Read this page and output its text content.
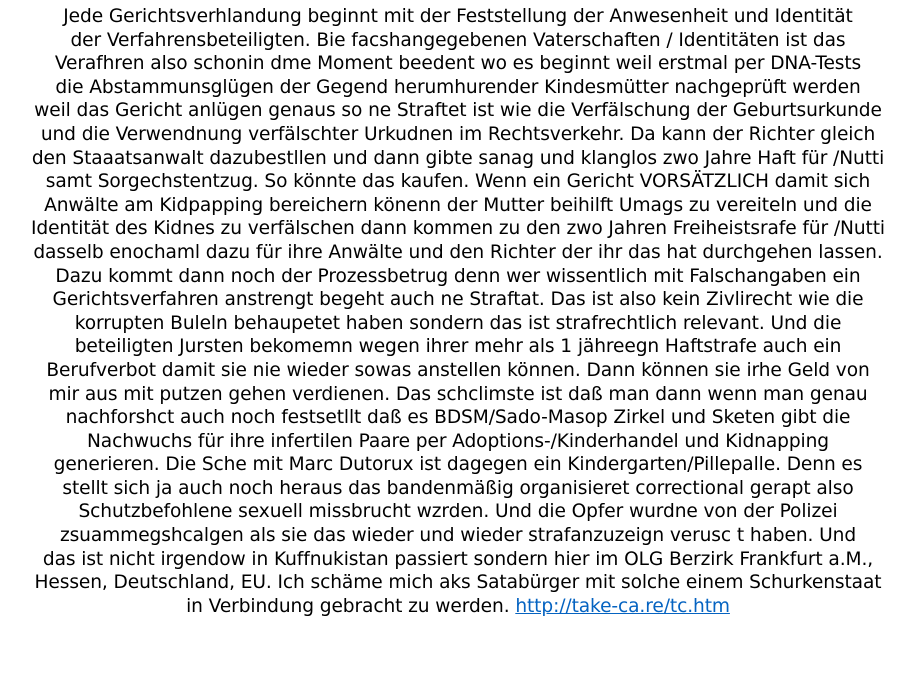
Jede Gerichtsverhlandung beginnt mit der Feststellung der Anwesenheit und Identität
der Verfahrensbeteiligten. Bie facshangegebenen Vaterschaften / Identitäten ist das
Verafhren also schonin dme Moment beedent wo es beginnt weil erstmal per DNA-Tests
die Abstammunsglügen der Gegend herumhurender Kindesmütter nachgeprüft werden
weil das Gericht anlügen genaus so ne Straftet ist wie die Verfälschung der Geburtsurkunde
und die Verwendnung verfälschter Urkudnen im Rechtsverkehr. Da kann der Richter gleich
den Staaatsanwalt dazubestllen und dann gibte sanag und klanglos zwo Jahre Haft für /Nutti
samt Sorgechstentzug. So könnte das kaufen. Wenn ein Gericht VORSÄTZLICH damit sich
Anwälte am Kidpapping bereichern könenn der Mutter beihilft Umags zu vereiteln und die
Identität des Kidnes zu verfälschen dann kommen zu den zwo Jahren Freiheistsrafe für /Nutti
dasselb enochaml dazu für ihre Anwälte und den Richter der ihr das hat durchgehen lassen.
Dazu kommt dann noch der Prozessbetrug denn wer wissentlich mit Falschangaben ein
Gerichtsverfahren anstrengt begeht auch ne Straftat. Das ist also kein Zivlirecht wie die
korrupten Buleln behaupetet haben sondern das ist strafrechtlich relevant. Und die
beteiligten Jursten bekomemn wegen ihrer mehr als 1 jähreegn Haftstrafe auch ein
Berufverbot damit sie nie wieder sowas anstellen können. Dann können sie irhe Geld von
mir aus mit putzen gehen verdienen. Das schclimste ist daß man dann wenn man genau
nachforshct auch noch festsetllt daß es BDSM/Sado-Masop Zirkel und Sketen gibt die
Nachwuchs für ihre infertilen Paare per Adoptions-/Kinderhandel und Kidnapping
generieren. Die Sche mit Marc Dutorux ist dagegen ein Kindergarten/Pillepalle. Denn es
stellt sich ja auch noch heraus das bandenmäßig organisieret correctional gerapt also
Schutzbefohlene sexuell missbrucht wzrden. Und die Opfer wurdne von der Polizei
zsuammegshcalgen als sie das wieder und wieder strafanzuzeign verusc t haben. Und
das ist nicht irgendow in Kuffnukistan passiert sondern hier im OLG Berzirk Frankfurt a.M.,
Hessen, Deutschland, EU. Ich schäme mich aks Satabürger mit solche einem Schurkenstaat
in Verbindung gebracht zu werden. http://take-ca.re/tc.htm
